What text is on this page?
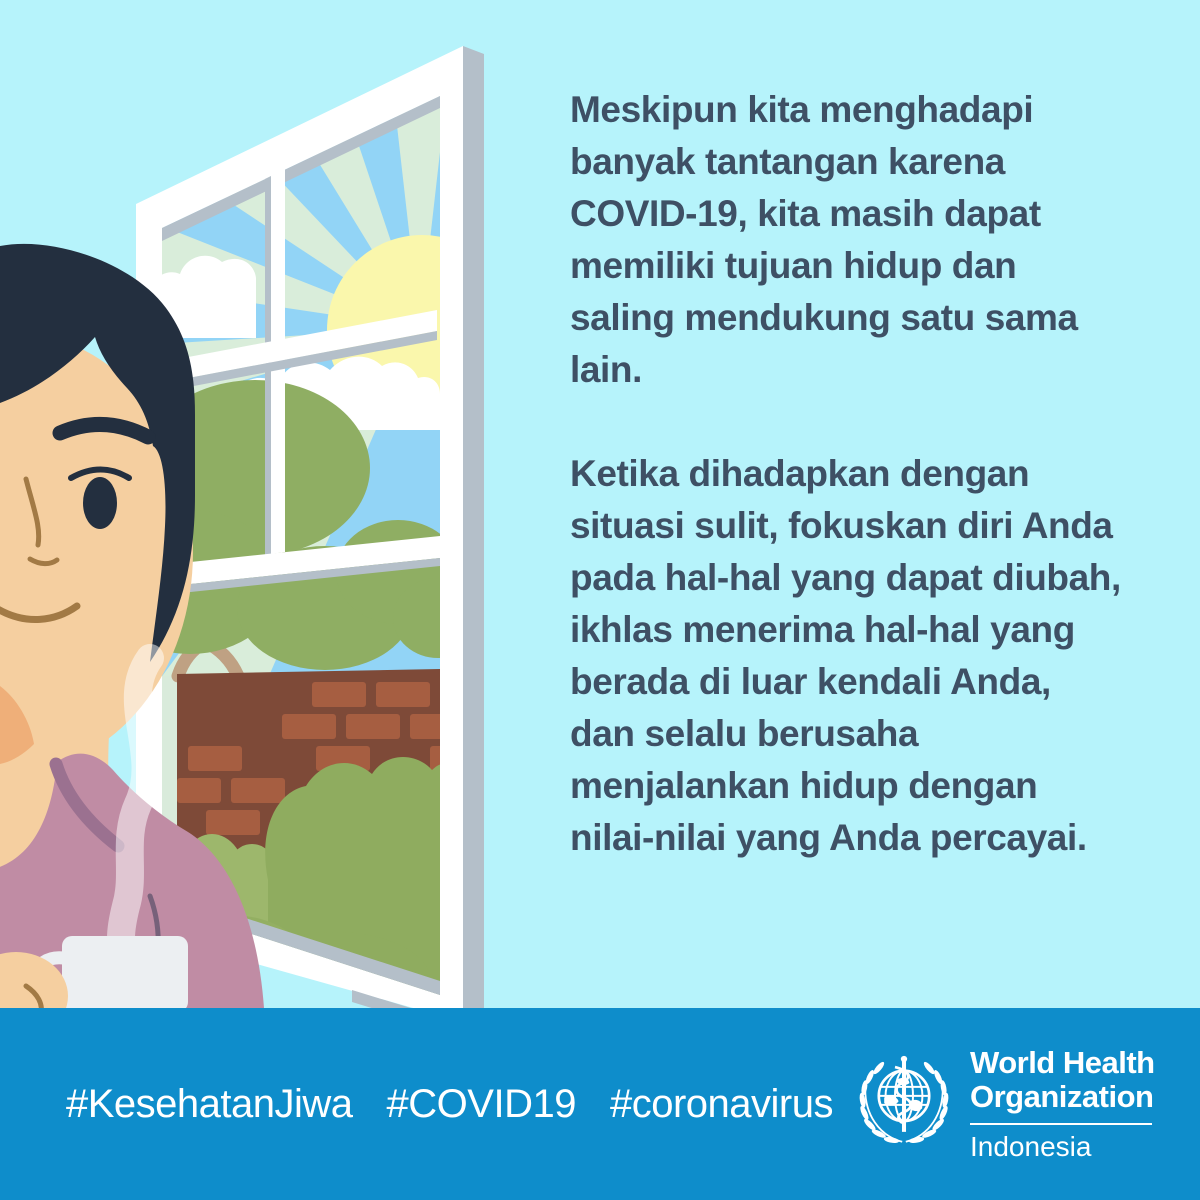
Meskipun kita menghadapi banyak tantangan karena COVID-19, kita masih dapat memiliki tujuan hidup dan saling mendukung satu sama lain.

Ketika dihadapkan dengan situasi sulit, fokuskan diri Anda pada hal-hal yang dapat diubah, ikhlas menerima hal-hal yang berada di luar kendali Anda, dan selalu berusaha menjalankan hidup dengan nilai-nilai yang Anda percayai.

#KesehatanJiwa #COVID19 #coronavirus
World Health
Organization
Indonesia
